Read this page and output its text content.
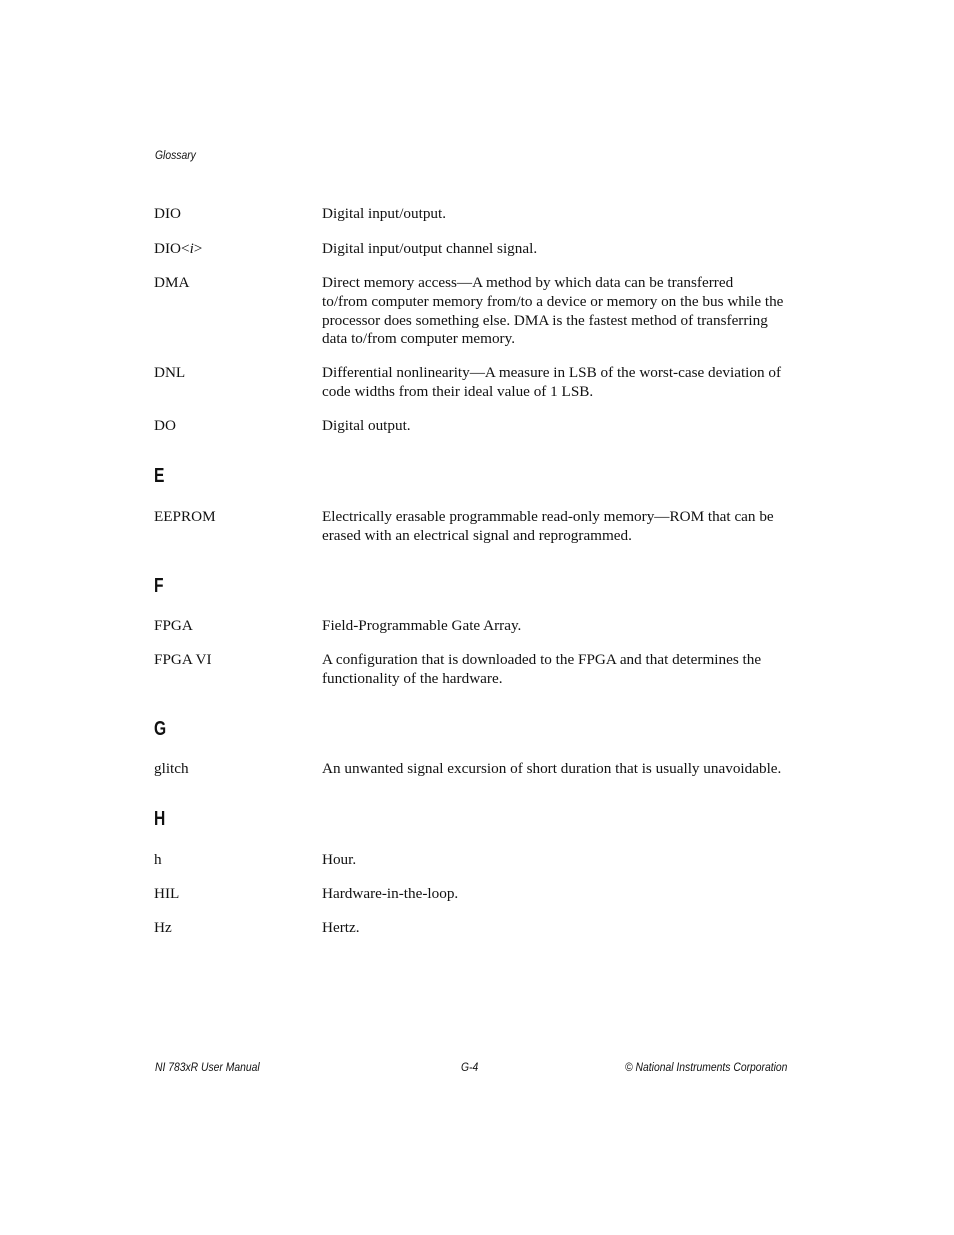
Glossary
DIO	Digital input/output.
DIO<i>	Digital input/output channel signal.
DMA	Direct memory access—A method by which data can be transferred
to/from computer memory from/to a device or memory on the bus while the
processor does something else. DMA is the fastest method of transferring
data to/from computer memory.
DNL	Differential nonlinearity—A measure in LSB of the worst-case deviation of
code widths from their ideal value of 1 LSB.
DO	Digital output.
E
EEPROM	Electrically erasable programmable read-only memory—ROM that can be
erased with an electrical signal and reprogrammed.
F
FPGA	Field-Programmable Gate Array.
FPGA VI	A configuration that is downloaded to the FPGA and that determines the
functionality of the hardware.
G
glitch	An unwanted signal excursion of short duration that is usually unavoidable.
H
h	Hour.
HIL	Hardware-in-the-loop.
Hz	Hertz.
NI 783xR User Manual	G-4	© National Instruments Corporation
